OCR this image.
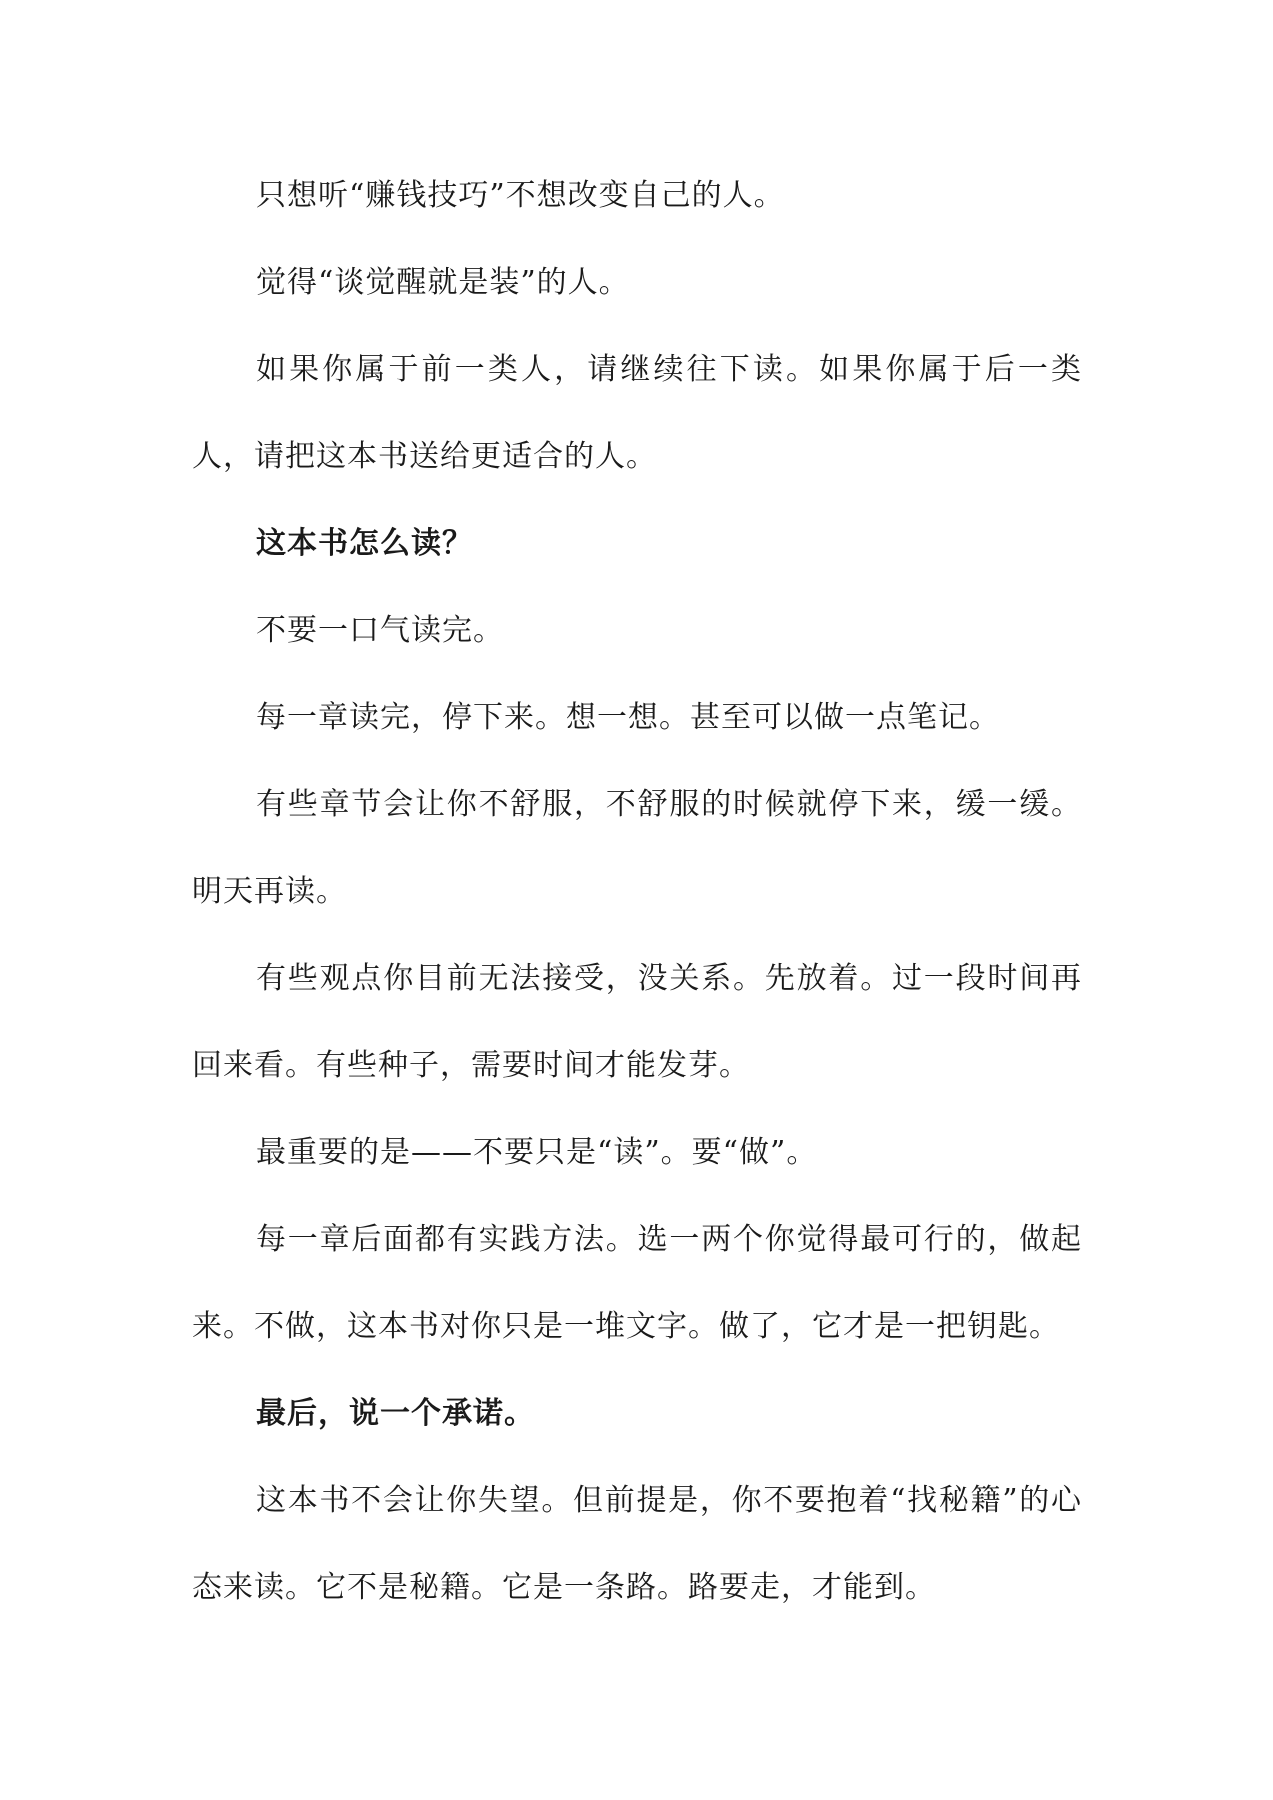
只想听“赚钱技巧”不想改变自己的人。

觉得“谈觉醒就是装”的人。

如果你属于前一类人，请继续往下读。如果你属于后一类人，请把这本书送给更适合的人。

这本书怎么读？

不要一口气读完。

每一章读完，停下来。想一想。甚至可以做一点笔记。

有些章节会让你不舒服，不舒服的时候就停下来，缓一缓。明天再读。

有些观点你目前无法接受，没关系。先放着。过一段时间再回来看。有些种子，需要时间才能发芽。

最重要的是——不要只是“读”。要“做”。

每一章后面都有实践方法。选一两个你觉得最可行的，做起来。不做，这本书对你只是一堆文字。做了，它才是一把钥匙。

最后，说一个承诺。

这本书不会让你失望。但前提是，你不要抱着“找秘籍”的心态来读。它不是秘籍。它是一条路。路要走，才能到。
